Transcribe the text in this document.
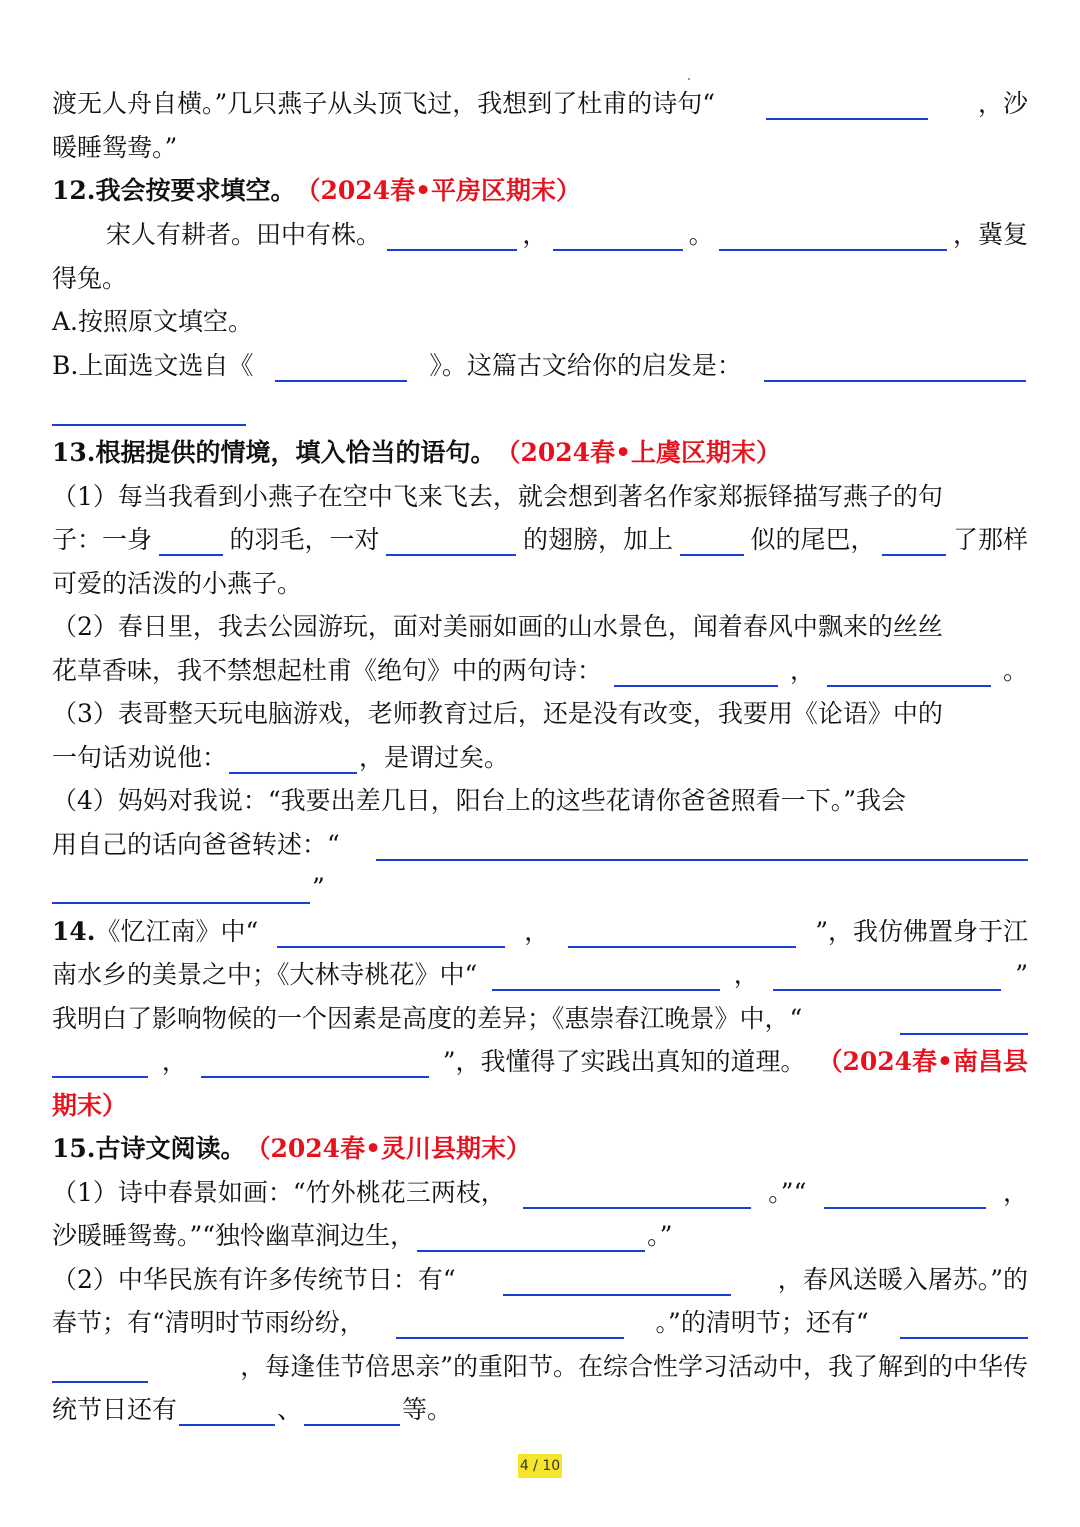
渡无人舟自横。”几只燕子从头顶飞过，我想到了杜甫的诗句“	，沙
暖睡鸳鸯。”
12.我会按要求填空。 （2024春•平房区期末）
宋人有耕者。田中有株。	，	。	，冀复
得兔。
A.按照原文填空。
B.上面选文选自《	》。这篇古文给你的启发是：
13.根据提供的情境，填入恰当的语句。 （2024春•上虞区期末）
（1）每当我看到小燕子在空中飞来飞去，就会想到著名作家郑振铎描写燕子的句
子：一身	的羽毛，一对	的翅膀，加上	似的尾巴，	了那样
可爱的活泼的小燕子。
（2）春日里，我去公园游玩，面对美丽如画的山水景色，闻着春风中飘来的丝丝
花草香味，我不禁想起杜甫《绝句》中的两句诗：	，	。
（3）表哥整天玩电脑游戏，老师教育过后，还是没有改变，我要用《论语》中的
一句话劝说他：	，是谓过矣。
（4）妈妈对我说：“我要出差几日，阳台上的这些花请你爸爸照看一下。”我会
用自己的话向爸爸转述：“
”
14.《忆江南》中“	，	”，我仿佛置身于江
南水乡的美景之中；《大林寺桃花》中“	，	”
我明白了影响物候的一个因素是高度的差异；《惠崇春江晚景》中，“
，	”，我懂得了实践出真知的道理。 （2024春•南昌县
期末）
15.古诗文阅读。 （2024春•灵川县期末）
（1）诗中春景如画：“竹外桃花三两枝，	。”“	，
沙暖睡鸳鸯。”“独怜幽草涧边生，	。”
（2）中华民族有许多传统节日：有“	，春风送暖入屠苏。”的
春节；有“清明时节雨纷纷，	。”的清明节；还有“
，每逢佳节倍思亲”的重阳节。在综合性学习活动中，我了解到的中华传
统节日还有	、	等。
4 / 10
